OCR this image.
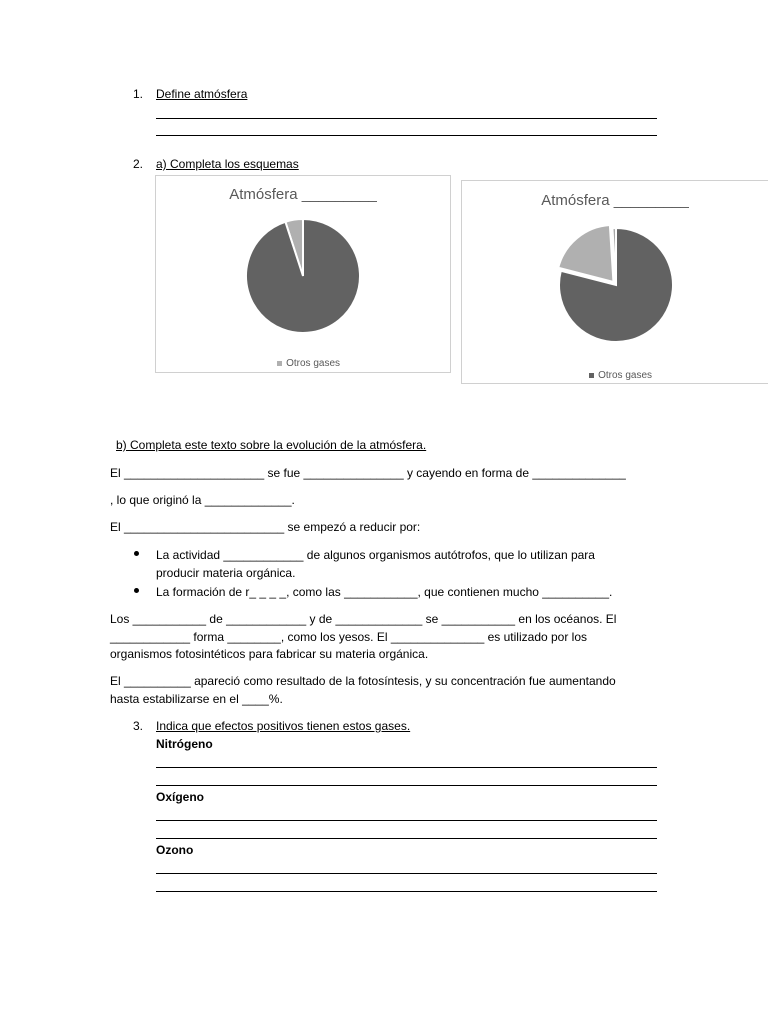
1. Define atmósfera
2. a) Completa los esquemas
Atmósfera _________

Otros gases

Atmósfera _________

Otros gases

b) Completa este texto sobre la evolución de la atmósfera.
El _____________________ se fue _______________ y cayendo en forma de ______________
, lo que originó la _____________.
El ________________________ se empezó a reducir por:
La actividad ____________ de algunos organismos autótrofos, que lo utilizan para
producir materia orgánica.
La formación de r_ _ _ _, como las ___________, que contienen mucho __________.
Los ___________ de ____________ y de _____________ se ___________ en los océanos. El
____________ forma ________, como los yesos. El ______________ es utilizado por los
organismos fotosintéticos para fabricar su materia orgánica.
El __________ apareció como resultado de la fotosíntesis, y su concentración fue aumentando
hasta estabilizarse en el ____%.
3. Indica que efectos positivos tienen estos gases.
Nitrógeno
Oxígeno
Ozono
